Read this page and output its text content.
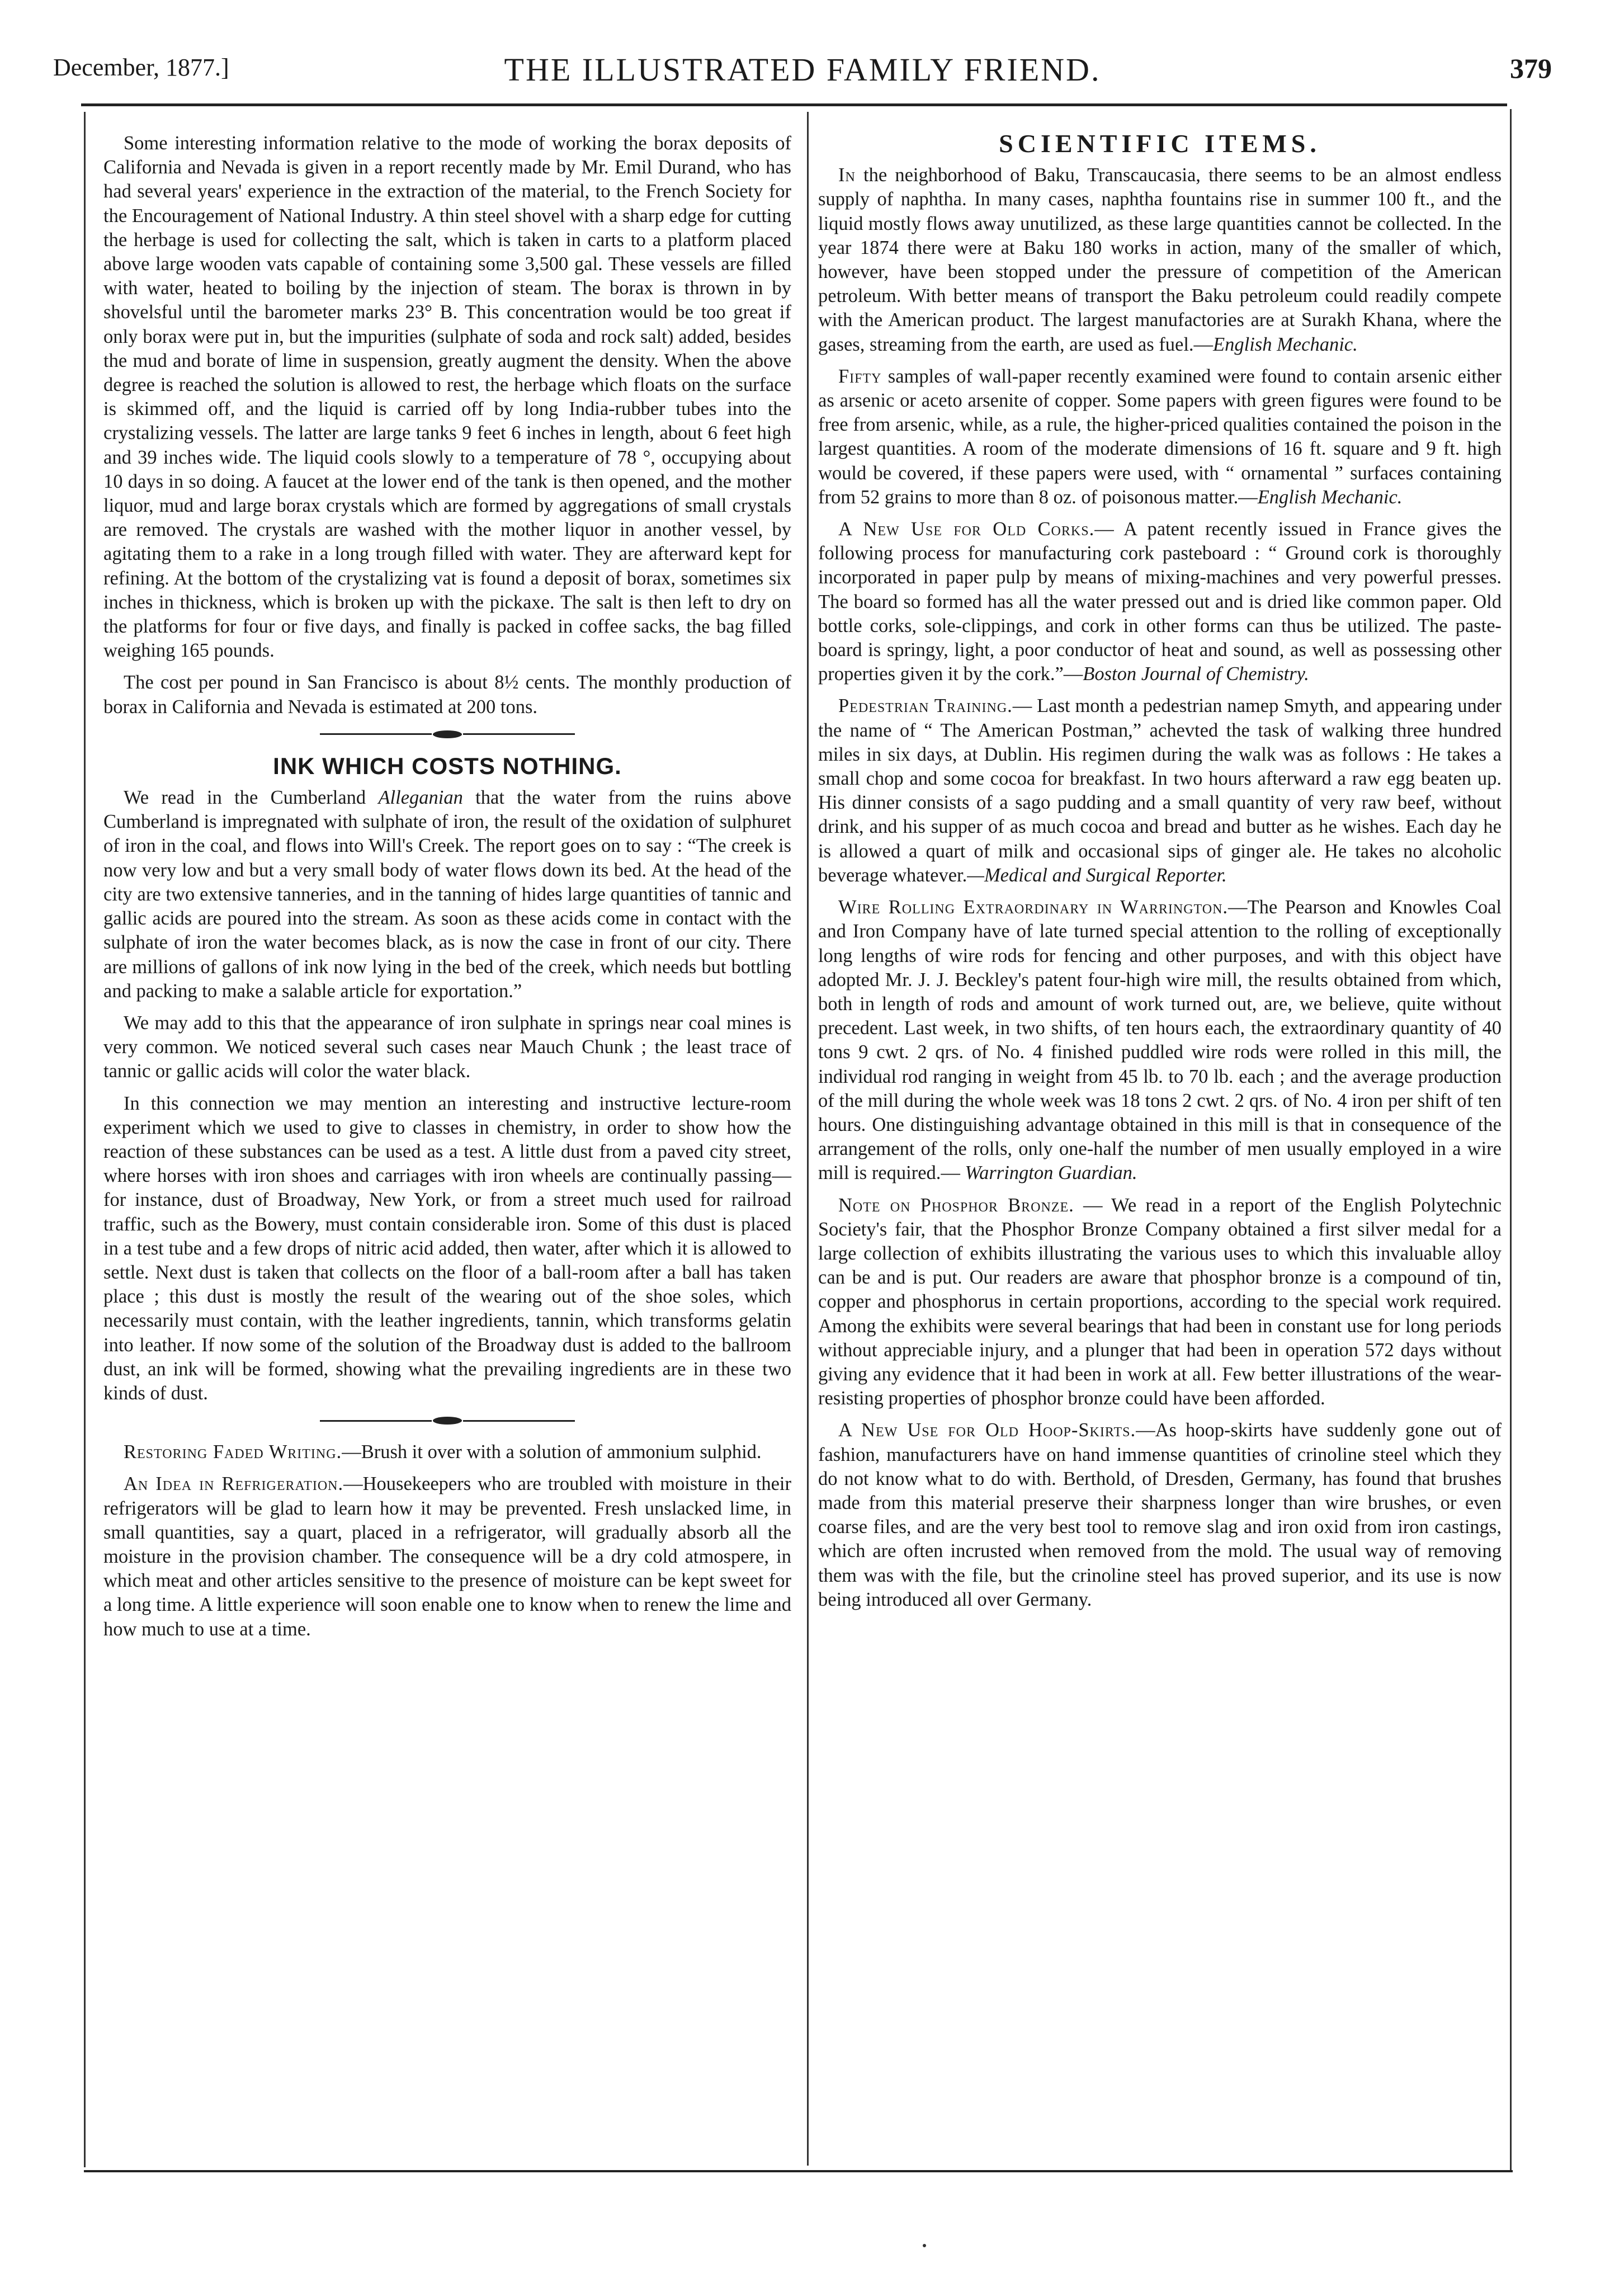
December, 1877.]	THE ILLUSTRATED FAMILY FRIEND.	379

Some interesting information relative to the mode of working the borax deposits of California and Nevada is given in a report recently made by Mr. Emil Durand, who has had several years' experience in the extraction of the material, to the French Society for the Encouragement of National Industry. A thin steel shovel with a sharp edge for cutting the herbage is used for collecting the salt, which is taken in carts to a platform placed above large wooden vats capable of containing some 3,500 gal. These vessels are filled with water, heated to boiling by the injection of steam. The borax is thrown in by shovelsful until the barometer marks 23° B. This concentration would be too great if only borax were put in, but the impurities (sulphate of soda and rock salt) added, besides the mud and borate of lime in suspension, greatly augment the density. When the above degree is reached the solution is allowed to rest, the herbage which floats on the surface is skimmed off, and the liquid is carried off by long India-rubber tubes into the crystalizing vessels. The latter are large tanks 9 feet 6 inches in length, about 6 feet high and 39 inches wide. The liquid cools slowly to a temperature of 78 °, occupying about 10 days in so doing. A faucet at the lower end of the tank is then opened, and the mother liquor, mud and large borax crystals which are formed by aggregations of small crystals are removed. The crystals are washed with the mother liquor in another vessel, by agitating them to a rake in a long trough filled with water. They are afterward kept for refining. At the bottom of the crystalizing vat is found a deposit of borax, sometimes six inches in thickness, which is broken up with the pickaxe. The salt is then left to dry on the platforms for four or five days, and finally is packed in coffee sacks, the bag filled weighing 165 pounds.

The cost per pound in San Francisco is about 8½ cents. The monthly production of borax in California and Nevada is estimated at 200 tons.

INK WHICH COSTS NOTHING.

We read in the Cumberland Alleganian that the water from the ruins above Cumberland is impregnated with sulphate of iron, the result of the oxidation of sulphuret of iron in the coal, and flows into Will's Creek. The report goes on to say : “The creek is now very low and but a very small body of water flows down its bed. At the head of the city are two extensive tanneries, and in the tanning of hides large quantities of tannic and gallic acids are poured into the stream. As soon as these acids come in contact with the sulphate of iron the water becomes black, as is now the case in front of our city. There are millions of gallons of ink now lying in the bed of the creek, which needs but bottling and packing to make a salable article for exportation.”

We may add to this that the appearance of iron sulphate in springs near coal mines is very common. We noticed several such cases near Mauch Chunk ; the least trace of tannic or gallic acids will color the water black.

In this connection we may mention an interesting and instructive lecture-room experiment which we used to give to classes in chemistry, in order to show how the reaction of these substances can be used as a test. A little dust from a paved city street, where horses with iron shoes and carriages with iron wheels are continually passing—for instance, dust of Broadway, New York, or from a street much used for railroad traffic, such as the Bowery, must contain considerable iron. Some of this dust is placed in a test tube and a few drops of nitric acid added, then water, after which it is allowed to settle. Next dust is taken that collects on the floor of a ball-room after a ball has taken place ; this dust is mostly the result of the wearing out of the shoe soles, which necessarily must contain, with the leather ingredients, tannin, which transforms gelatin into leather. If now some of the solution of the Broadway dust is added to the ballroom dust, an ink will be formed, showing what the prevailing ingredients are in these two kinds of dust.

Restoring Faded Writing.—Brush it over with a solution of ammonium sulphid.

An Idea in Refrigeration.—Housekeepers who are troubled with moisture in their refrigerators will be glad to learn how it may be prevented. Fresh unslacked lime, in small quantities, say a quart, placed in a refrigerator, will gradually absorb all the moisture in the provision chamber. The consequence will be a dry cold atmospere, in which meat and other articles sensitive to the presence of moisture can be kept sweet for a long time. A little experience will soon enable one to know when to renew the lime and how much to use at a time.

SCIENTIFIC ITEMS.

In the neighborhood of Baku, Transcaucasia, there seems to be an almost endless supply of naphtha. In many cases, naphtha fountains rise in summer 100 ft., and the liquid mostly flows away unutilized, as these large quantities cannot be collected. In the year 1874 there were at Baku 180 works in action, many of the smaller of which, however, have been stopped under the pressure of competition of the American petroleum. With better means of transport the Baku petroleum could readily compete with the American product. The largest manufactories are at Surakh Khana, where the gases, streaming from the earth, are used as fuel.—English Mechanic.

Fifty samples of wall-paper recently examined were found to contain arsenic either as arsenic or aceto arsenite of copper. Some papers with green figures were found to be free from arsenic, while, as a rule, the higher-priced qualities contained the poison in the largest quantities. A room of the moderate dimensions of 16 ft. square and 9 ft. high would be covered, if these papers were used, with “ ornamental ” surfaces containing from 52 grains to more than 8 oz. of poisonous matter.—English Mechanic.

A New Use for Old Corks.— A patent recently issued in France gives the following process for manufacturing cork pasteboard : “ Ground cork is thoroughly incorporated in paper pulp by means of mixing-machines and very powerful presses. The board so formed has all the water pressed out and is dried like common paper. Old bottle corks, sole-clippings, and cork in other forms can thus be utilized. The paste-board is springy, light, a poor conductor of heat and sound, as well as possessing other properties given it by the cork.”—Boston Journal of Chemistry.

Pedestrian Training.— Last month a pedestrian namep Smyth, and appearing under the name of “ The American Postman,” achevted the task of walking three hundred miles in six days, at Dublin. His regimen during the walk was as follows : He takes a small chop and some cocoa for breakfast. In two hours afterward a raw egg beaten up. His dinner consists of a sago pudding and a small quantity of very raw beef, without drink, and his supper of as much cocoa and bread and butter as he wishes. Each day he is allowed a quart of milk and occasional sips of ginger ale. He takes no alcoholic beverage whatever.—Medical and Surgical Reporter.

Wire Rolling Extraordinary in Warrington.—The Pearson and Knowles Coal and Iron Company have of late turned special attention to the rolling of exceptionally long lengths of wire rods for fencing and other purposes, and with this object have adopted Mr. J. J. Beckley's patent four-high wire mill, the results obtained from which, both in length of rods and amount of work turned out, are, we believe, quite without precedent. Last week, in two shifts, of ten hours each, the extraordinary quantity of 40 tons 9 cwt. 2 qrs. of No. 4 finished puddled wire rods were rolled in this mill, the individual rod ranging in weight from 45 lb. to 70 lb. each ; and the average production of the mill during the whole week was 18 tons 2 cwt. 2 qrs. of No. 4 iron per shift of ten hours. One distinguishing advantage obtained in this mill is that in consequence of the arrangement of the rolls, only one-half the number of men usually employed in a wire mill is required.— Warrington Guardian.

Note on Phosphor Bronze. — We read in a report of the English Polytechnic Society's fair, that the Phosphor Bronze Company obtained a first silver medal for a large collection of exhibits illustrating the various uses to which this invaluable alloy can be and is put. Our readers are aware that phosphor bronze is a compound of tin, copper and phosphorus in certain proportions, according to the special work required. Among the exhibits were several bearings that had been in constant use for long periods without appreciable injury, and a plunger that had been in operation 572 days without giving any evidence that it had been in work at all. Few better illustrations of the wear-resisting properties of phosphor bronze could have been afforded.

A New Use for Old Hoop-Skirts.—As hoop-skirts have suddenly gone out of fashion, manufacturers have on hand immense quantities of crinoline steel which they do not know what to do with. Berthold, of Dresden, Germany, has found that brushes made from this material preserve their sharpness longer than wire brushes, or even coarse files, and are the very best tool to remove slag and iron oxid from iron castings, which are often incrusted when removed from the mold. The usual way of removing them was with the file, but the crinoline steel has proved superior, and its use is now being introduced all over Germany.
